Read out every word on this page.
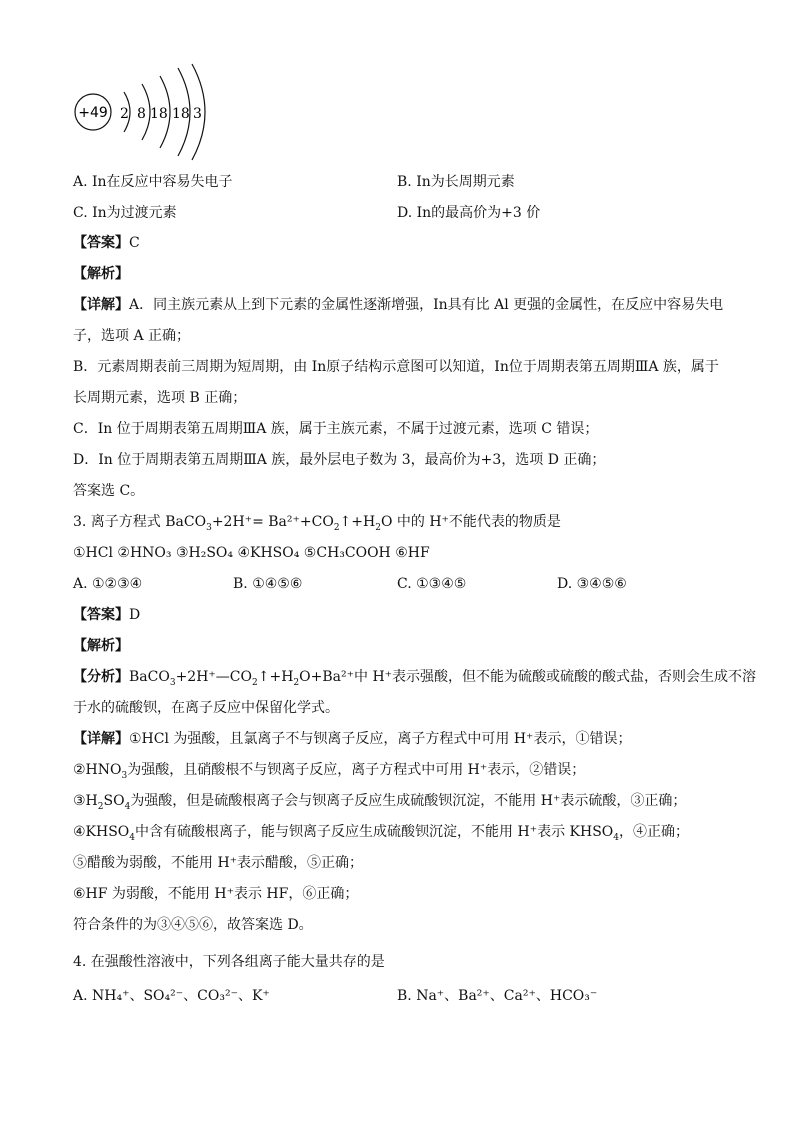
+49 2 8 18 18 3
A. In在反应中容易失电子	B. In为长周期元素
C. In为过渡元素	D. In的最高价为+3 价
【答案】C
【解析】
【详解】A．同主族元素从上到下元素的金属性逐渐增强，In具有比 Al 更强的金属性，在反应中容易失电
子，选项 A 正确；
B．元素周期表前三周期为短周期，由 In原子结构示意图可以知道，In位于周期表第五周期ⅢA 族，属于
长周期元素，选项 B 正确；
C．In 位于周期表第五周期ⅢA 族，属于主族元素，不属于过渡元素，选项 C 错误；
D．In 位于周期表第五周期ⅢA 族，最外层电子数为 3，最高价为+3，选项 D 正确；
答案选 C。
3. 离子方程式 BaCO$_3$+2H⁺= $Ba^{2+}+CO_2↑+H_2O$ 中的 H⁺不能代表的物质是
①HCl ②HNO₃ ③H₂SO₄ ④KHSO₄ ⑤CH₃COOH ⑥HF
A. ①②③④	B. ①④⑤⑥	C. ①③④⑤	D. ③④⑤⑥
【答案】D
【解析】
【分析】$BaCO_3+2H^+—CO_2↑+H_2O+Ba^{2+}$中 H⁺表示强酸，但不能为硫酸或硫酸的酸式盐，否则会生成不溶
于水的硫酸钡，在离子反应中保留化学式。
【详解】①HCl 为强酸，且氯离子不与钡离子反应，离子方程式中可用 H⁺表示，①错误；
$②HNO_3$为强酸，且硝酸根不与钡离子反应，离子方程式中可用 H⁺表示，②错误；
$③H_2SO_4$为强酸，但是硫酸根离子会与钡离子反应生成硫酸钡沉淀，不能用 H⁺表示硫酸，③正确；
$④KHSO_4$中含有硫酸根离子，能与钡离子反应生成硫酸钡沉淀，不能用 H⁺表示 $KHSO_4$，④正确；
⑤醋酸为弱酸，不能用 H⁺表示醋酸，⑤正确；
⑥HF 为弱酸，不能用 H⁺表示 HF，⑥正确；
符合条件的为③④⑤⑥，故答案选 D。
4. 在强酸性溶液中，下列各组离子能大量共存的是
A. NH₄⁺、SO₄²⁻、CO₃²⁻、K⁺	B. Na⁺、Ba²⁺、Ca²⁺、HCO₃⁻
